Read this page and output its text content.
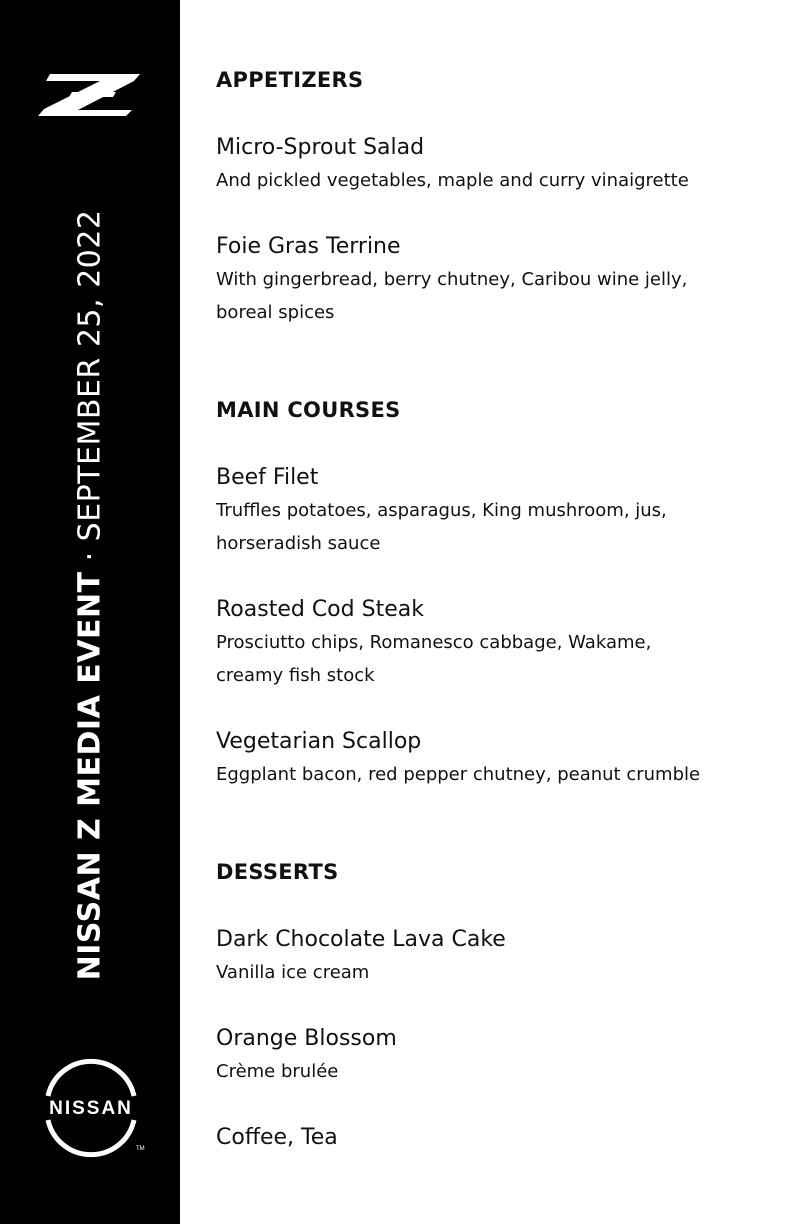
NISSAN Z MEDIA EVENT · SEPTEMBER 25, 2022
NISSAN
TM
APPETIZERS
Micro-Sprout Salad
And pickled vegetables, maple and curry vinaigrette
Foie Gras Terrine
With gingerbread, berry chutney, Caribou wine jelly, boreal spices
MAIN COURSES
Beef Filet
Truffles potatoes, asparagus, King mushroom, jus, horseradish sauce
Roasted Cod Steak
Prosciutto chips, Romanesco cabbage, Wakame, creamy fish stock
Vegetarian Scallop
Eggplant bacon, red pepper chutney, peanut crumble
DESSERTS
Dark Chocolate Lava Cake
Vanilla ice cream
Orange Blossom
Crème brulée
Coffee, Tea
